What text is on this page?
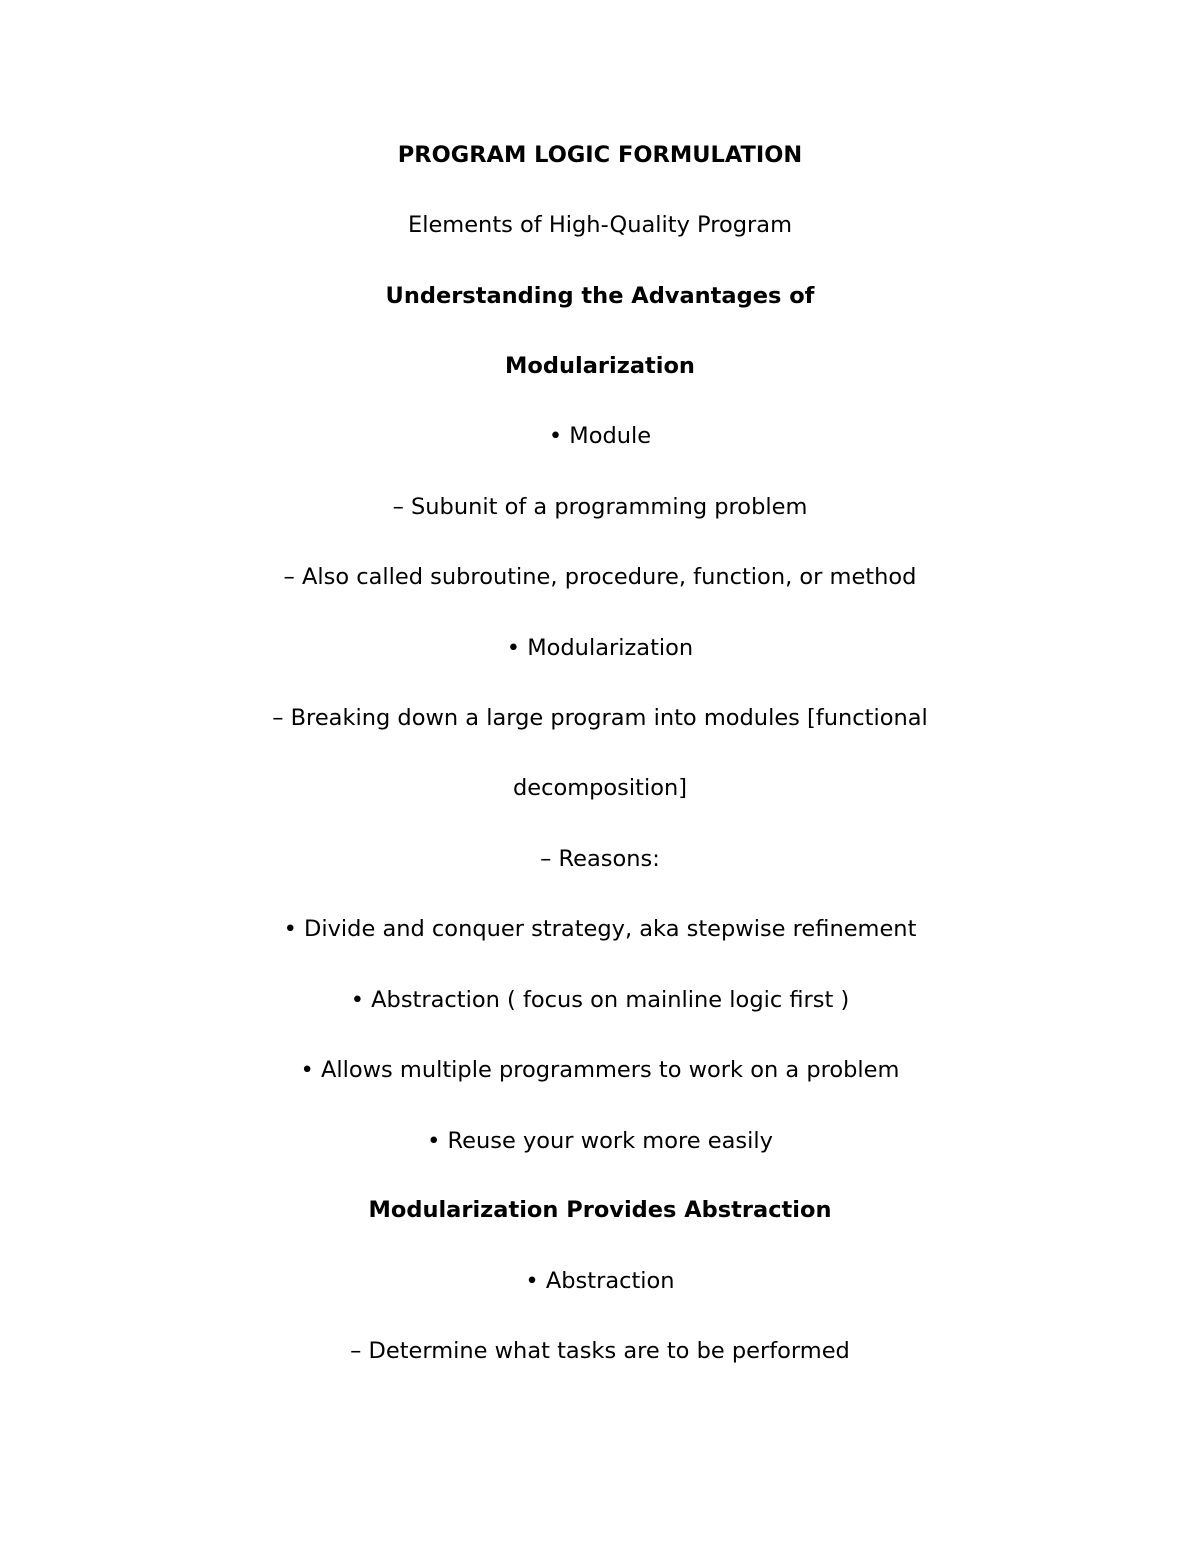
PROGRAM LOGIC FORMULATION
Elements of High-Quality Program
Understanding the Advantages of
Modularization
• Module
– Subunit of a programming problem
– Also called subroutine, procedure, function, or method
• Modularization
– Breaking down a large program into modules [functional
decomposition]
– Reasons:
• Divide and conquer strategy, aka stepwise refinement
• Abstraction ( focus on mainline logic first )
• Allows multiple programmers to work on a problem
• Reuse your work more easily
Modularization Provides Abstraction
• Abstraction
– Determine what tasks are to be performed
